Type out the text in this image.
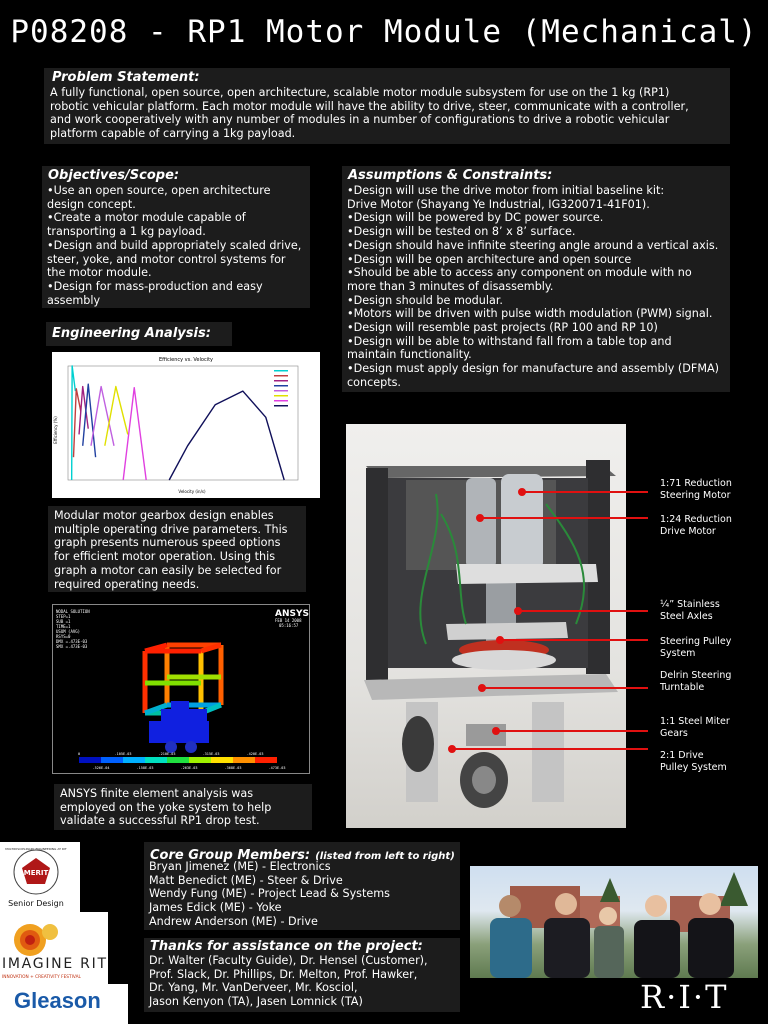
P08208 - RP1 Motor Module (Mechanical)
Problem Statement:
A fully functional, open source, open architecture, scalable motor module subsystem for use on the 1 kg (RP1)
robotic vehicular platform. Each motor module will have the ability to drive, steer, communicate with a controller,
and work cooperatively with any number of modules in a number of configurations to drive a robotic vehicular
platform capable of carrying a 1kg payload.
Objectives/Scope:
•Use an open source, open architecture
design concept.
•Create a motor module capable of
transporting a 1 kg payload.
•Design and build appropriately scaled drive,
steer, yoke, and motor control systems for
the motor module.
•Design for mass-production and easy
assembly
Assumptions & Constraints:
•Design will use the drive motor from initial baseline kit:
Drive Motor (Shayang Ye Industrial, IG320071-41F01).
•Design will be powered by DC power source.
•Design will be tested on 8’ x 8’ surface.
•Design should have infinite steering angle around a vertical axis.
•Design will be open architecture and open source
•Should be able to access any component on module with no
more than 3 minutes of disassembly.
•Design should be modular.
•Motors will be driven with pulse width modulation (PWM) signal.
•Design will resemble past projects (RP 100 and RP 10)
•Design will be able to withstand fall from a table top and
maintain functionality.
•Design must apply design for manufacture and assembly (DFMA)
concepts.
Engineering Analysis:
Efficiency vs. Velocity
Velocity (in/s)
Efficiency (%)
Modular motor gearbox design enables
multiple operating drive parameters. This
graph presents numerous speed options
for efficient motor operation. Using this
graph a motor can easily be selected for
required operating needs.
NODAL SOLUTION
STEP=1
SUB =1
TIME=1
USUM (AVG)
RSYS=0
DMX =.473E-03
SMX =.473E-03
FEB 14 2008
05:16:57
ANSYS
0	.105E-03	.210E-03	.315E-03	.420E-03
.526E-04	.158E-03	.263E-03	.368E-03	.473E-03
ANSYS finite element analysis was
employed on the yoke system to help
validate a successful RP1 drop test.
1:71 Reduction
Steering Motor
1:24 Reduction
Drive Motor
¼” Stainless
Steel Axles
Steering Pulley
System
Delrin Steering
Turntable
1:1 Steel Miter
Gears
2:1 Drive
Pulley System
Core Group Members: (listed from left to right)
Bryan Jimenez (ME) - Electronics
Matt Benedict (ME) - Steer & Drive
Wendy Fung (ME) - Project Lead & Systems
James Edick (ME) - Yoke
Andrew Anderson (ME) - Drive
Thanks for assistance on the project:
Dr. Walter (Faculty Guide), Dr. Hensel (Customer),
Prof. Slack, Dr. Phillips, Dr. Melton, Prof. Hawker,
Dr. Yang, Mr. VanDerveer, Mr. Kosciol,
Jason Kenyon (TA), Jasen Lomnick (TA)	R·I·T
MULTIDISCIPLINARY ENGINEERING AT RIT
MERIT
Senior Design
IMAGINE RIT
INNOVATION + CREATIVITY FESTIVAL
Gleason
